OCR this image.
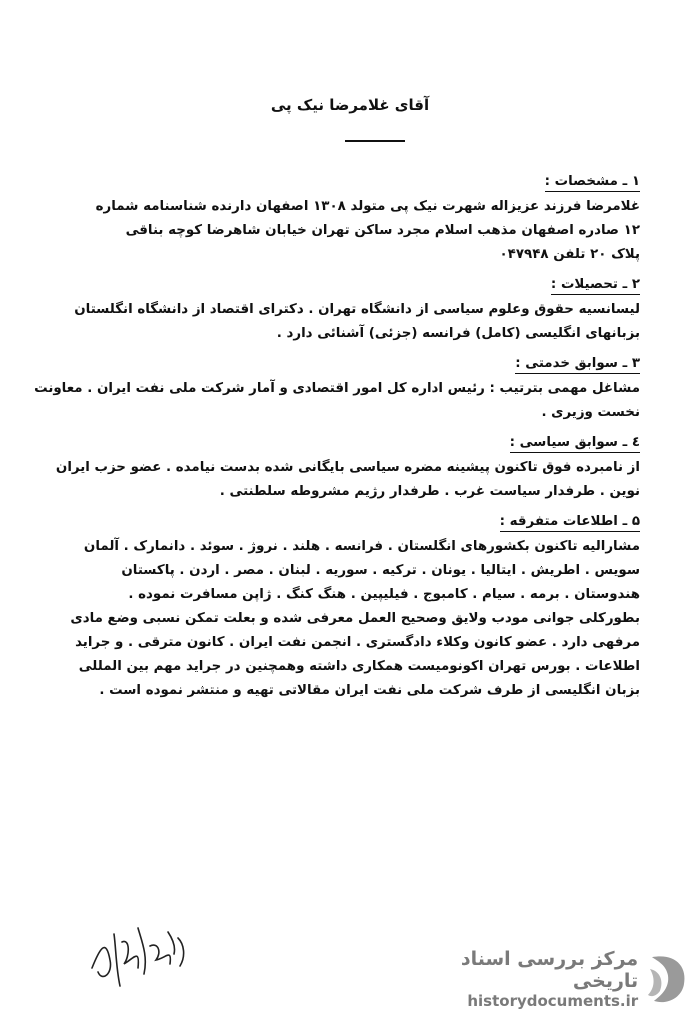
آقای غلامرضا نیک پی
۱ ـ مشخصات :
غلامرضا فرزند عزیزاله شهرت نیک پی متولد ۱۳۰۸ اصفهان دارنده شناسنامه شماره
۱۲ صادره اصفهان مذهب اسلام مجرد ساکن تهران خیابان شاهرضا کوچه بناقی
پلاک ۲۰ تلفن ۰۴۷۹۴۸
۲ ـ تحصیلات :
لیسانسیه حقوق وعلوم سیاسی از دانشگاه تهران . دکترای اقتصاد از دانشگاه انگلستان
بزبانهای انگلیسی (کامل) فرانسه (جزئی) آشنائی دارد .
۳ ـ سوابق خدمتی :
مشاغل مهمی بترتیب : رئیس اداره کل امور اقتصادی و آمار شرکت ملی نفت ایران . معاونت
نخست وزیری .
٤ ـ سوابق سیاسی :
از نامبرده فوق تاکنون پیشینه مضره سیاسی بایگانی شده بدست نیامده . عضو حزب ایران
نوین . طرفدار سیاست غرب . طرفدار رژیم مشروطه سلطنتی .
۵ ـ اطلاعات متفرقه :
مشارالیه تاکنون بکشورهای انگلستان . فرانسه . هلند . نروژ . سوئد . دانمارک . آلمان
سویس . اطریش . ایتالیا . یونان . ترکیه . سوریه . لبنان . مصر . اردن . پاکستان
هندوستان . برمه . سیام . کامبوج . فیلیپین . هنگ کنگ . ژاپن مسافرت نموده .
بطورکلی جوانی مودب ولایق وصحیح العمل معرفی شده و بعلت تمکن نسبی وضع مادی
مرفهی دارد . عضو کانون وکلاء دادگستری . انجمن نفت ایران . کانون مترقی . و جراید
اطلاعات . بورس تهران اکونومیست همکاری داشته وهمچنین در جراید مهم بین المللی
بزبان انگلیسی از طرف شرکت ملی نفت ایران مقالاتی تهیه و منتشر نموده است .
مرکز بررسی اسناد تاریخی
historydocuments.ir
